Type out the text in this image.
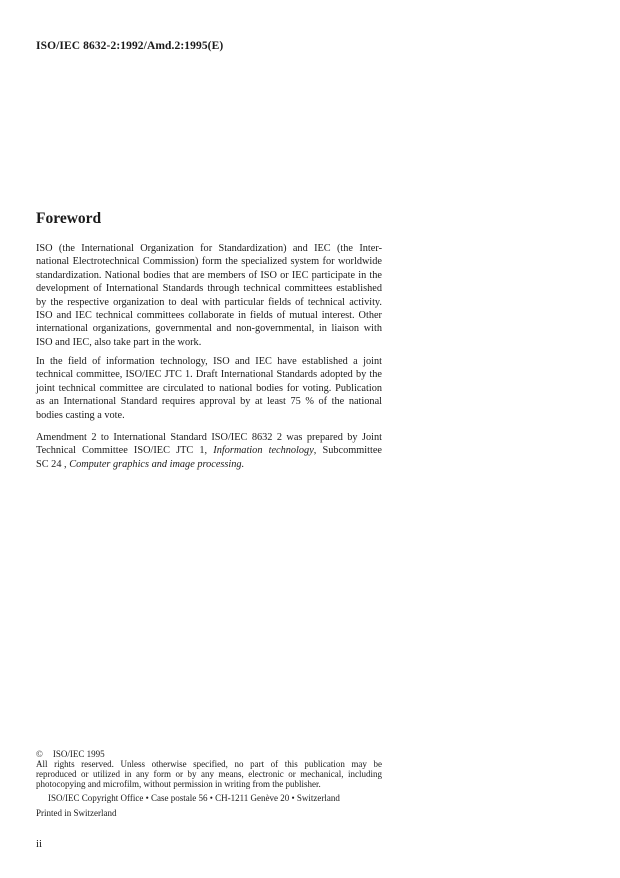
ISO/IEC 8632-2:1992/Amd.2:1995(E)
Foreword
ISO (the International Organization for Standardization) and IEC (the Inter-
national Electrotechnical Commission) form the specialized system for worldwide
standardization. National bodies that are members of ISO or IEC participate in the
development of International Standards through technical committees established
by the respective organization to deal with particular fields of technical activity.
ISO and IEC technical committees collaborate in fields of mutual interest. Other
international organizations, governmental and non-governmental, in liaison with
ISO and IEC, also take part in the work.
In the field of information technology, ISO and IEC have established a joint
technical committee, ISO/IEC JTC 1. Draft International Standards adopted by the
joint technical committee are circulated to national bodies for voting. Publication
as an International Standard requires approval by at least 75 % of the national
bodies casting a vote.
Amendment 2 to International Standard ISO/IEC 8632 2 was prepared by Joint
Technical Committee ISO/IEC JTC 1, Information technology, Subcommittee
SC 24 , Computer graphics and image processing.
© ISO/IEC 1995
All rights reserved. Unless otherwise specified, no part of this publication may be
reproduced or utilized in any form or by any means, electronic or mechanical, including
photocopying and microfilm, without permission in writing from the publisher.
ISO/IEC Copyright Office • Case postale 56 • CH-1211 Genève 20 • Switzerland
Printed in Switzerland
ii
